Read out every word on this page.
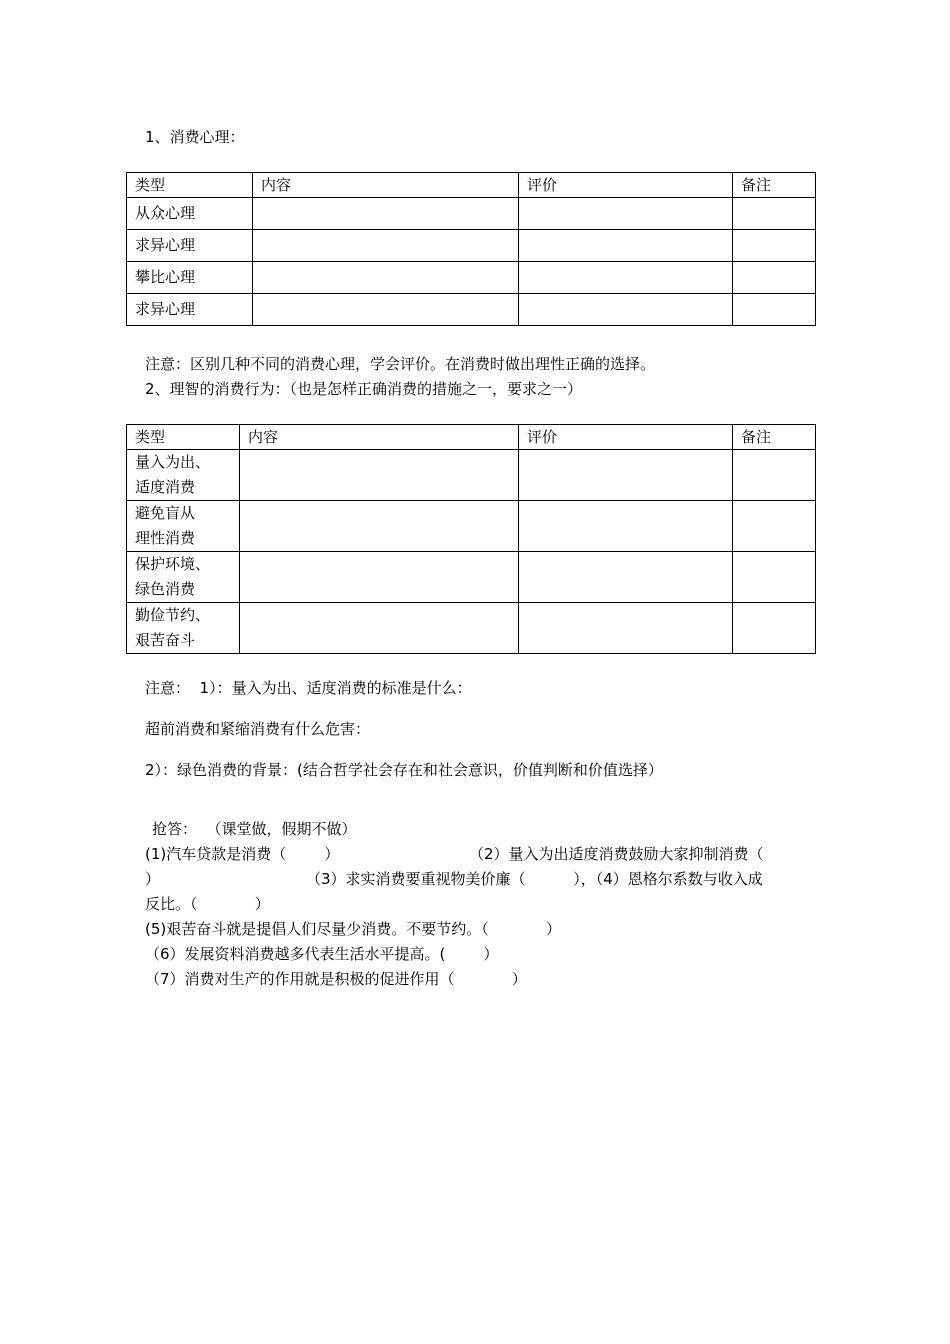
1、消费心理：
类型	内容	评价	备注
从众心理			
求异心理			
攀比心理			
求异心理			
注意：区别几种不同的消费心理，学会评价。在消费时做出理性正确的选择。
2、理智的消费行为：（也是怎样正确消费的措施之一，要求之一）
类型	内容	评价	备注

量入为出、
适度消费			

避免盲从
理性消费			

保护环境、
绿色消费			

勤俭节约、
艰苦奋斗			

注意：  1）：量入为出、适度消费的标准是什么：
超前消费和紧缩消费有什么危害：
2）：绿色消费的背景：(结合哲学社会存在和社会意识，价值判断和价值选择）
抢答：  （课堂做，假期不做）
(1)汽车贷款是消费（        ）	（2）量入为出适度消费鼓励大家抑制消费（
）	（3）求实消费要重视物美价廉（          ），（4）恩格尔系数与收入成
反比。（            ）
(5)艰苦奋斗就是提倡人们尽量少消费。不要节约。（            ）
（6）发展资料消费越多代表生活水平提高。(        ）
（7）消费对生产的作用就是积极的促进作用（            ）
